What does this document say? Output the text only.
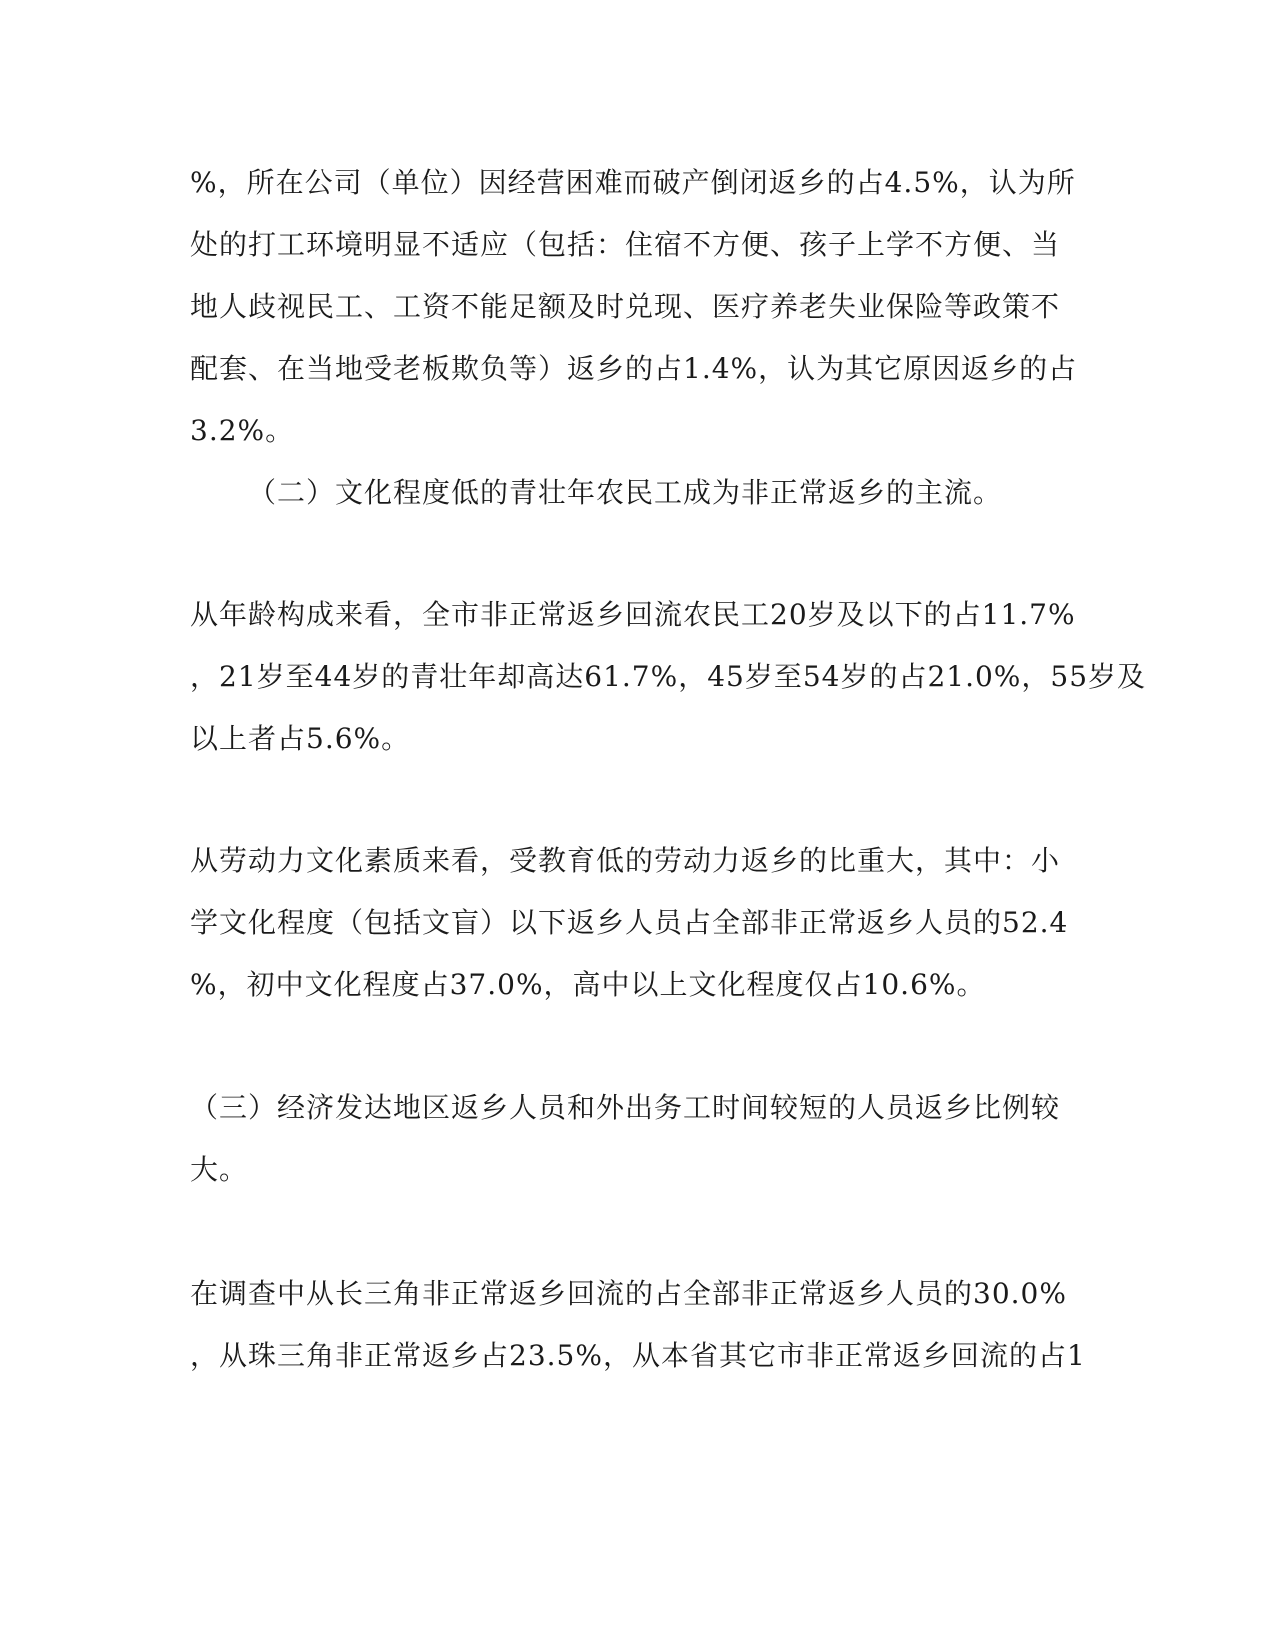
%，所在公司（单位）因经营困难而破产倒闭返乡的占4.5%，认为所
处的打工环境明显不适应（包括：住宿不方便、孩子上学不方便、当
地人歧视民工、工资不能足额及时兑现、医疗养老失业保险等政策不
配套、在当地受老板欺负等）返乡的占1.4%，认为其它原因返乡的占
3.2%。
（二）文化程度低的青壮年农民工成为非正常返乡的主流。
从年龄构成来看，全市非正常返乡回流农民工20岁及以下的占11.7%
，21岁至44岁的青壮年却高达61.7%，45岁至54岁的占21.0%，55岁及
以上者占5.6%。
从劳动力文化素质来看，受教育低的劳动力返乡的比重大，其中：小
学文化程度（包括文盲）以下返乡人员占全部非正常返乡人员的52.4
%，初中文化程度占37.0%，高中以上文化程度仅占10.6%。
（三）经济发达地区返乡人员和外出务工时间较短的人员返乡比例较
大。
在调查中从长三角非正常返乡回流的占全部非正常返乡人员的30.0%
，从珠三角非正常返乡占23.5%，从本省其它市非正常返乡回流的占1
